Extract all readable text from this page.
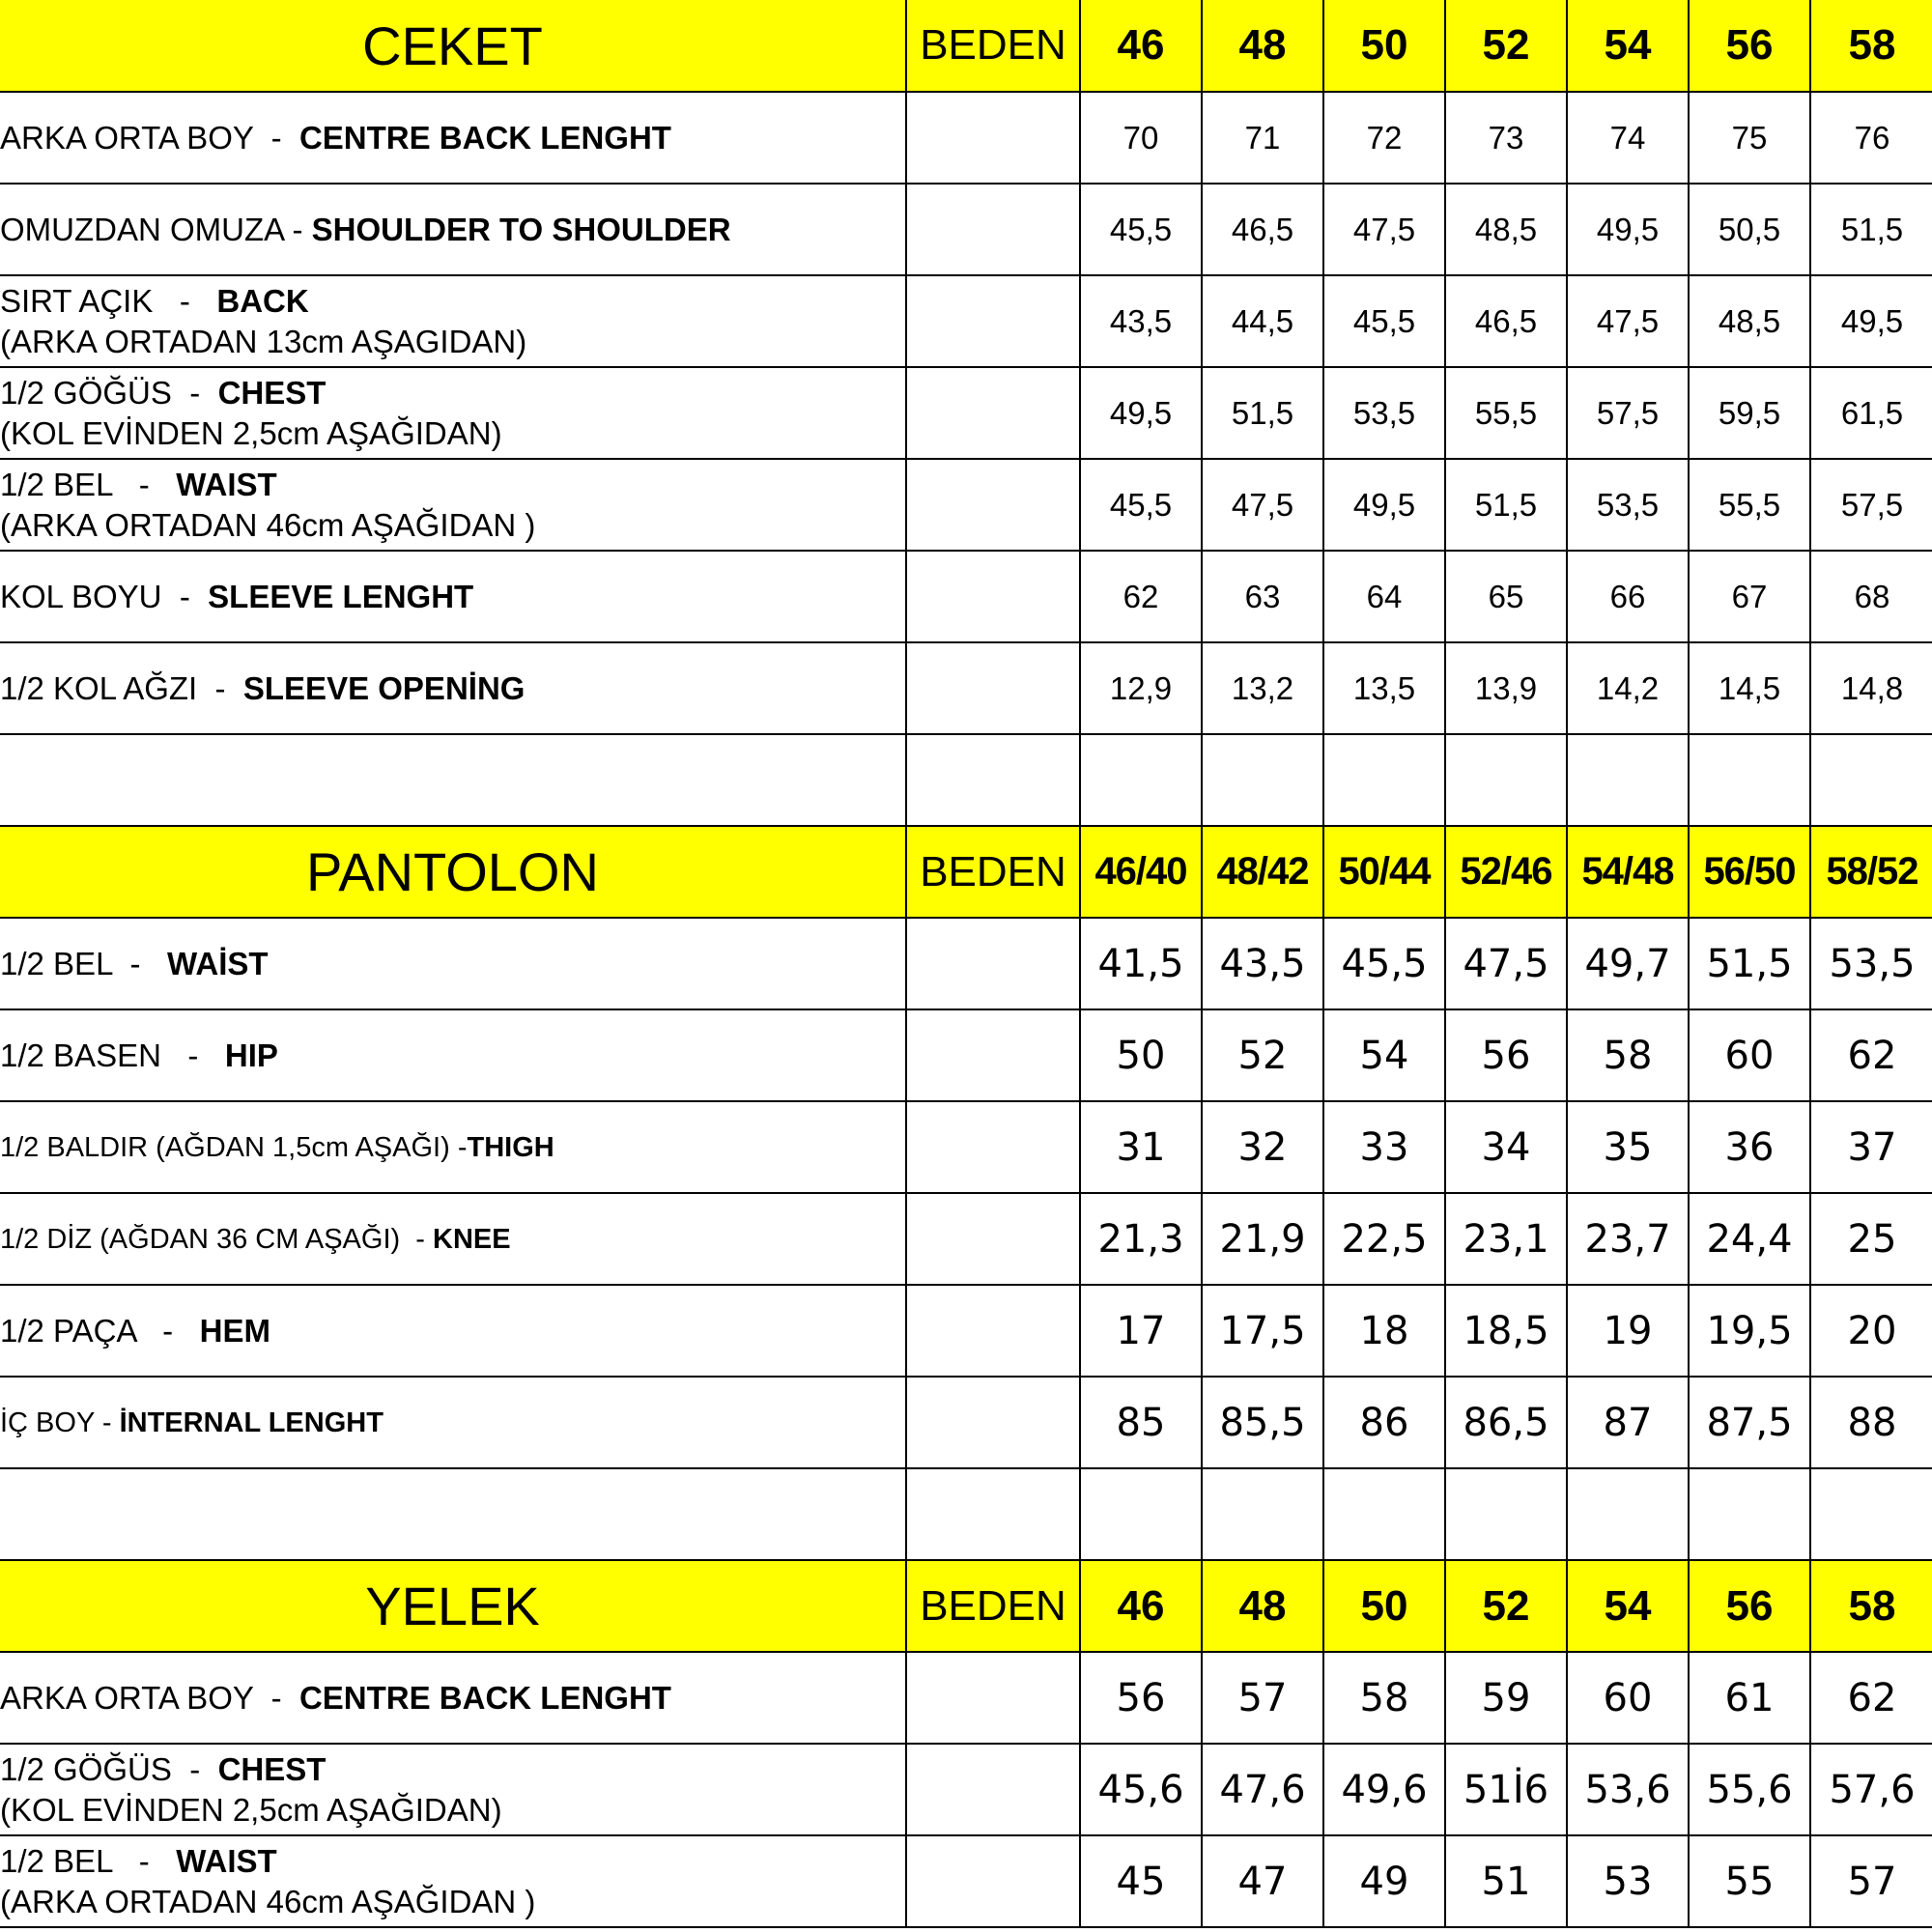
CEKET	BEDEN	46	48	50	52	54	56	58
ARKA ORTA BOY  -  CENTRE BACK LENGHT		70	71	72	73	74	75	76
OMUZDAN OMUZA - SHOULDER TO SHOULDER		45,5	46,5	47,5	48,5	49,5	50,5	51,5
SIRT AÇIK   -   BACK
(ARKA ORTADAN 13cm AŞAGIDAN)		43,5	44,5	45,5	46,5	47,5	48,5	49,5
1/2 GÖĞÜS  -  CHEST
(KOL EVİNDEN 2,5cm AŞAĞIDAN)		49,5	51,5	53,5	55,5	57,5	59,5	61,5
1/2 BEL   -   WAIST
(ARKA ORTADAN 46cm AŞAĞIDAN )		45,5	47,5	49,5	51,5	53,5	55,5	57,5
KOL BOYU  -  SLEEVE LENGHT		62	63	64	65	66	67	68
1/2 KOL AĞZI  -  SLEEVE OPENİNG		12,9	13,2	13,5	13,9	14,2	14,5	14,8

PANTOLON	BEDEN	46/40	48/42	50/44	52/46	54/48	56/50	58/52
1/2 BEL  -   WAİST		41,5	43,5	45,5	47,5	49,7	51,5	53,5
1/2 BASEN   -   HIP		50	52	54	56	58	60	62
1/2 BALDIR (AĞDAN 1,5cm AŞAĞI) -THIGH		31	32	33	34	35	36	37
1/2 DİZ (AĞDAN 36 CM AŞAĞI)  - KNEE		21,3	21,9	22,5	23,1	23,7	24,4	25
1/2 PAÇA   -   HEM		17	17,5	18	18,5	19	19,5	20
İÇ BOY - İNTERNAL LENGHT		85	85,5	86	86,5	87	87,5	88

YELEK	BEDEN	46	48	50	52	54	56	58
ARKA ORTA BOY  -  CENTRE BACK LENGHT		56	57	58	59	60	61	62
1/2 GÖĞÜS  -  CHEST
(KOL EVİNDEN 2,5cm AŞAĞIDAN)		45,6	47,6	49,6	51İ6	53,6	55,6	57,6
1/2 BEL   -   WAIST
(ARKA ORTADAN 46cm AŞAĞIDAN )		45	47	49	51	53	55	57
